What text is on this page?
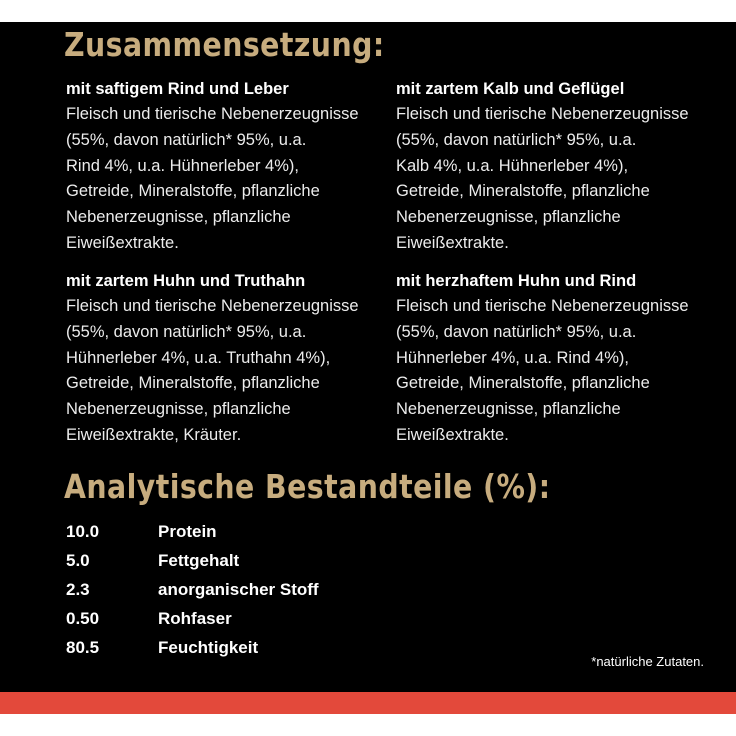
Zusammensetzung:
mit saftigem Rind und Leber
Fleisch und tierische Nebenerzeugnisse
(55%, davon natürlich* 95%, u.a.
Rind 4%, u.a. Hühnerleber 4%),
Getreide, Mineralstoffe, pflanzliche
Nebenerzeugnisse, pflanzliche
Eiweißextrakte.
mit zartem Kalb und Geflügel
Fleisch und tierische Nebenerzeugnisse
(55%, davon natürlich* 95%, u.a.
Kalb 4%, u.a. Hühnerleber 4%),
Getreide, Mineralstoffe, pflanzliche
Nebenerzeugnisse, pflanzliche
Eiweißextrakte.
mit zartem Huhn und Truthahn
Fleisch und tierische Nebenerzeugnisse
(55%, davon natürlich* 95%, u.a.
Hühnerleber 4%, u.a. Truthahn 4%),
Getreide, Mineralstoffe, pflanzliche
Nebenerzeugnisse, pflanzliche
Eiweißextrakte, Kräuter.
mit herzhaftem Huhn und Rind
Fleisch und tierische Nebenerzeugnisse
(55%, davon natürlich* 95%, u.a.
Hühnerleber 4%, u.a. Rind 4%),
Getreide, Mineralstoffe, pflanzliche
Nebenerzeugnisse, pflanzliche
Eiweißextrakte.
Analytische Bestandteile (%):
10.0	Protein
5.0	Fettgehalt
2.3	anorganischer Stoff
0.50	Rohfaser
80.5	Feuchtigkeit
*natürliche Zutaten.
